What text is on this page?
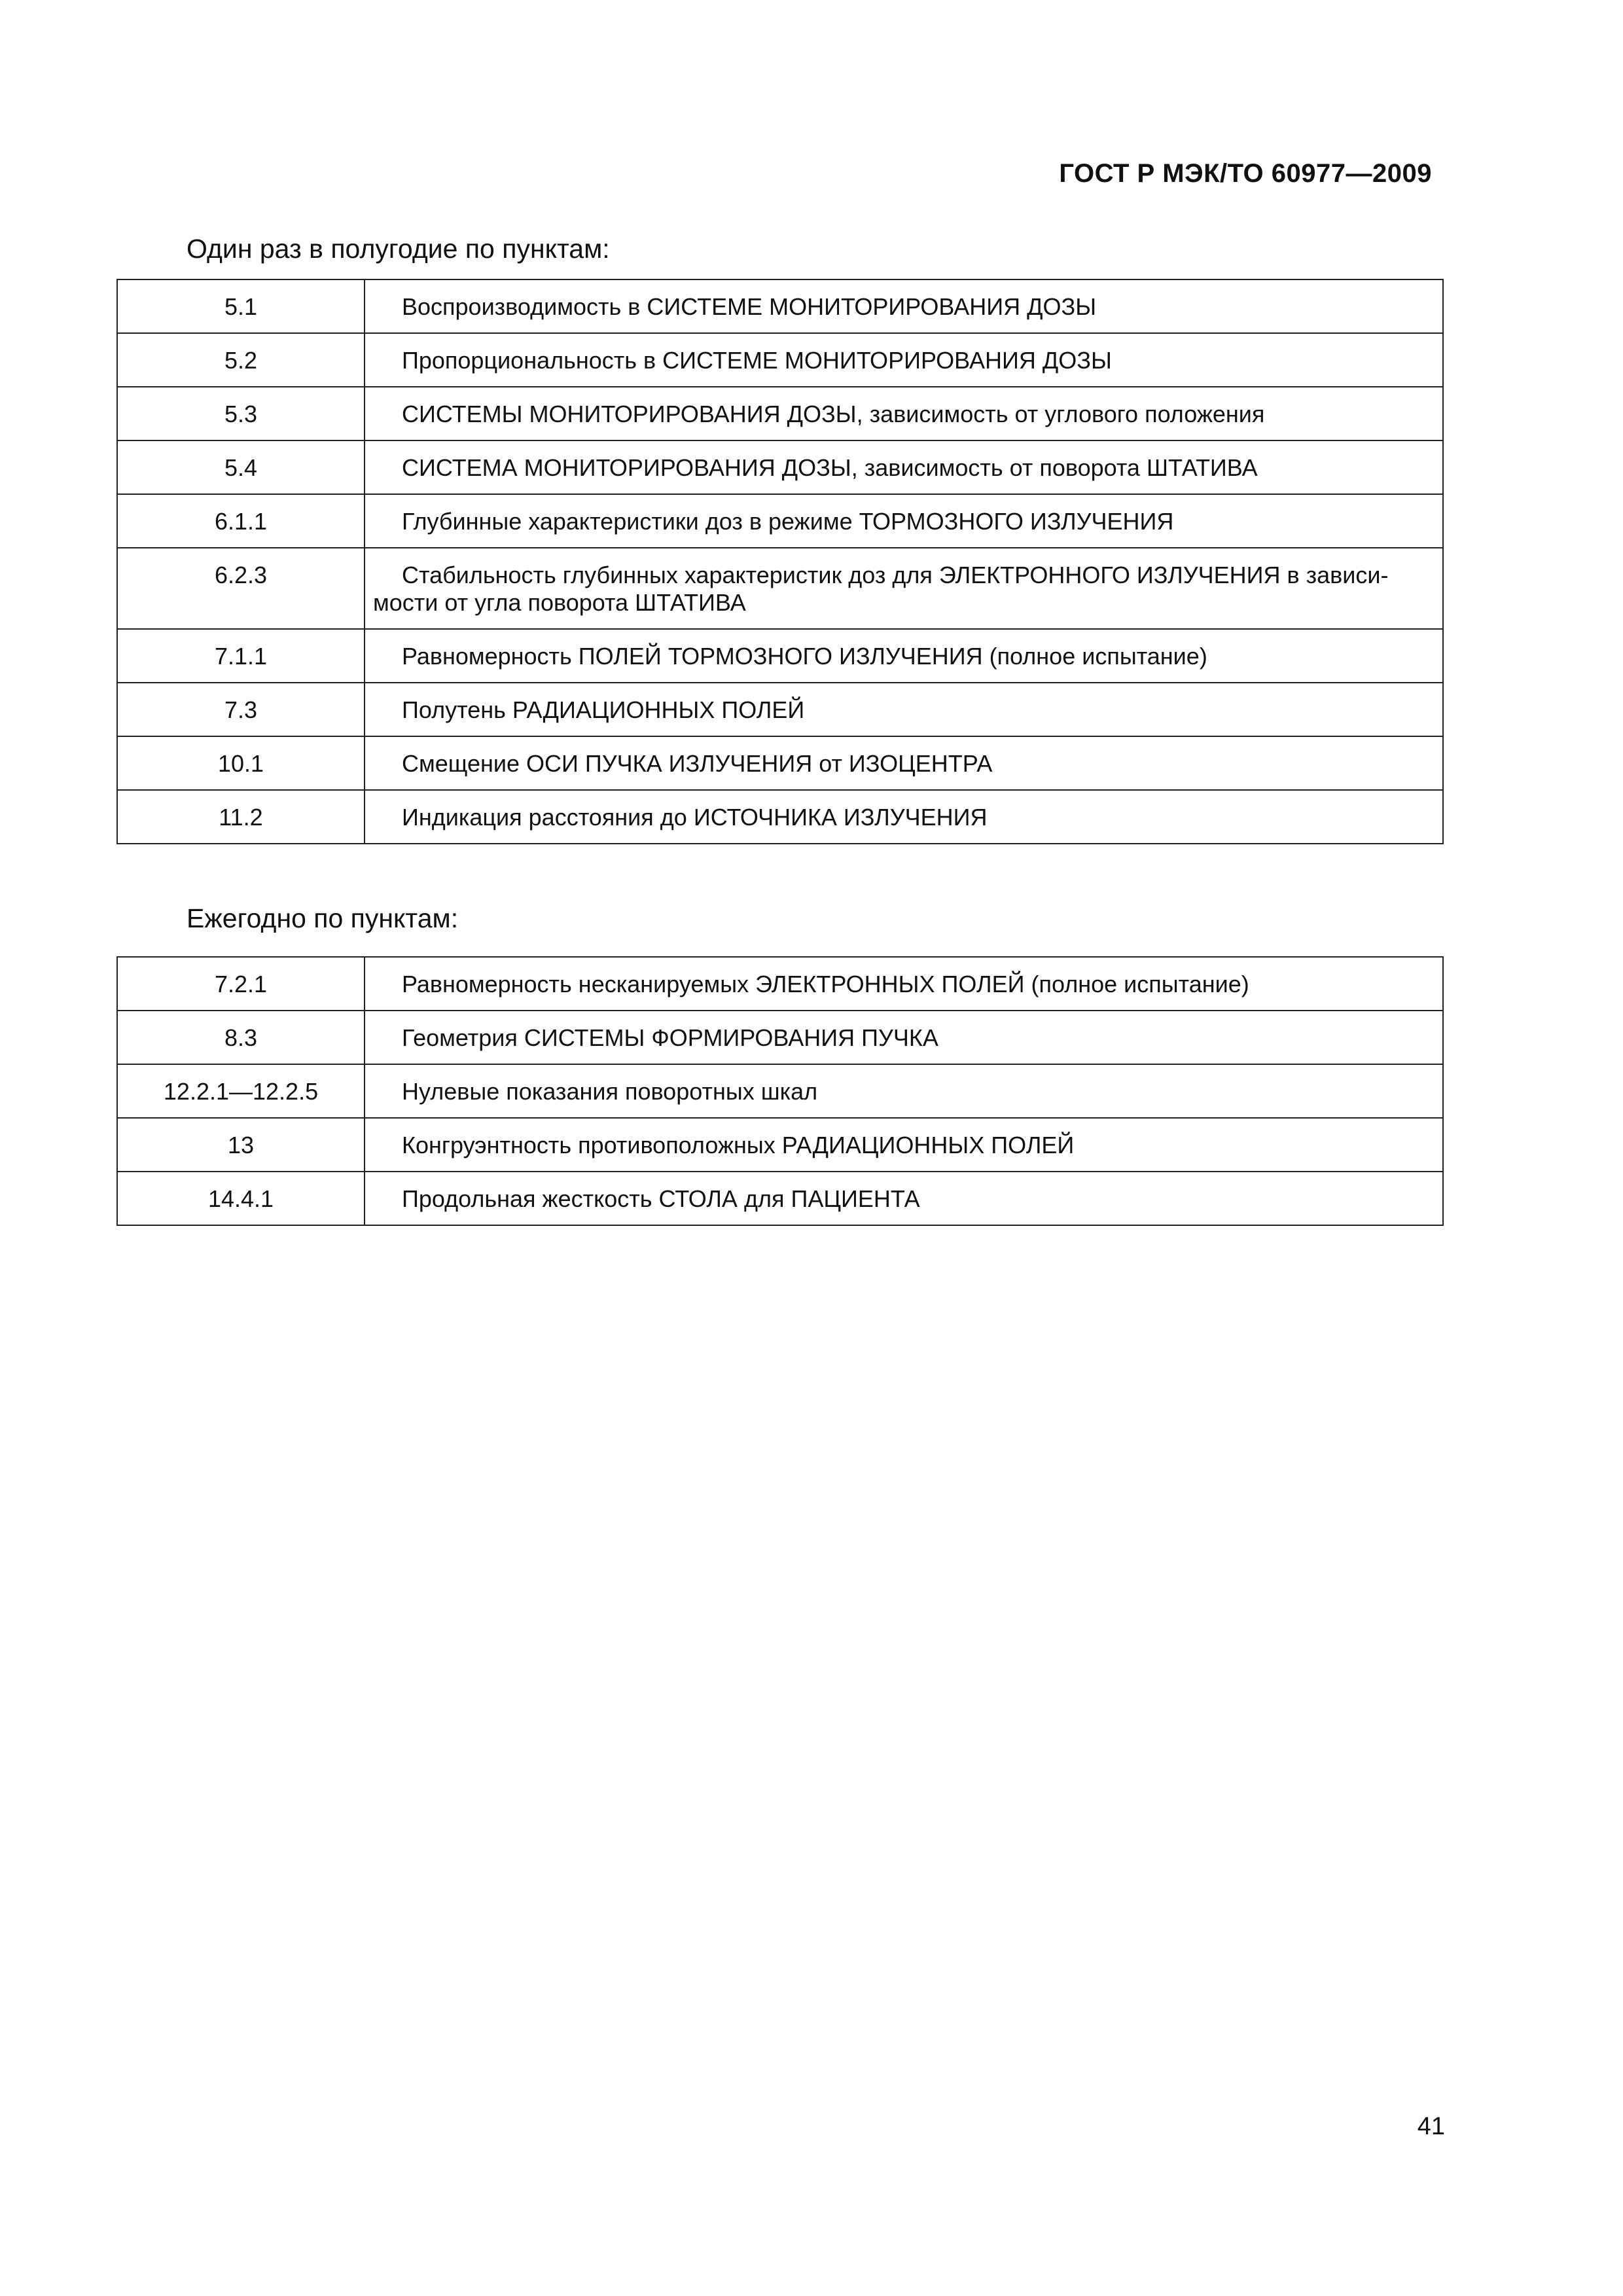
ГОСТ Р МЭК/ТО 60977—2009
Один раз в полугодие по пунктам:
5.1	Воспроизводимость в СИСТЕМЕ МОНИТОРИРОВАНИЯ ДОЗЫ
5.2	Пропорциональность в СИСТЕМЕ МОНИТОРИРОВАНИЯ ДОЗЫ
5.3	СИСТЕМЫ МОНИТОРИРОВАНИЯ ДОЗЫ, зависимость от углового положения
5.4	СИСТЕМА МОНИТОРИРОВАНИЯ ДОЗЫ, зависимость от поворота ШТАТИВА
6.1.1	Глубинные характеристики доз в режиме ТОРМОЗНОГО ИЗЛУЧЕНИЯ
6.2.3	Стабильность глубинных характеристик доз для ЭЛЕКТРОННОГО ИЗЛУЧЕНИЯ в зависи-мости от угла поворота ШТАТИВА
7.1.1	Равномерность ПОЛЕЙ ТОРМОЗНОГО ИЗЛУЧЕНИЯ (полное испытание)
7.3	Полутень РАДИАЦИОННЫХ ПОЛЕЙ
10.1	Смещение ОСИ ПУЧКА ИЗЛУЧЕНИЯ от ИЗОЦЕНТРА
11.2	Индикация расстояния до ИСТОЧНИКА ИЗЛУЧЕНИЯ
Ежегодно по пунктам:
7.2.1	Равномерность несканируемых ЭЛЕКТРОННЫХ ПОЛЕЙ (полное испытание)
8.3	Геометрия СИСТЕМЫ ФОРМИРОВАНИЯ ПУЧКА
12.2.1—12.2.5	Нулевые показания поворотных шкал
13	Конгруэнтность противоположных РАДИАЦИОННЫХ ПОЛЕЙ
14.4.1	Продольная жесткость СТОЛА для ПАЦИЕНТА
41
